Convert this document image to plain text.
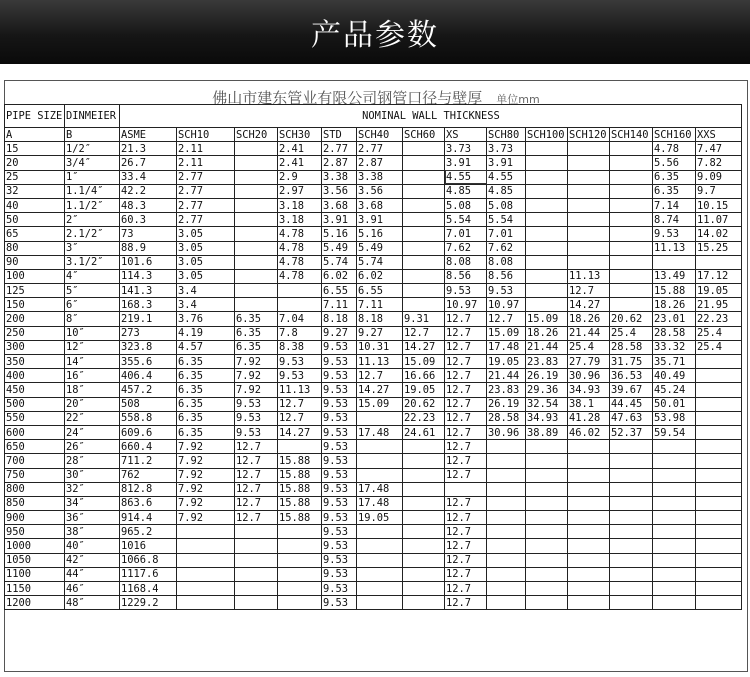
产品参数
佛山市建东管业有限公司钢管口径与壁厚 单位mm
PIPE SIZE	DINMEIER	NOMINAL WALL THICKNESS													
A	B	ASME	SCH10	SCH20	SCH30	STD	SCH40	SCH60	XS	SCH80	SCH100	SCH120	SCH140	SCH160	XXS
15	1/2″	21.3	2.11		2.41	2.77	2.77		3.73	3.73				4.78	7.47
20	3/4″	26.7	2.11		2.41	2.87	2.87		3.91	3.91				5.56	7.82
25	1″	33.4	2.77		2.9	3.38	3.38		4.55	4.55				6.35	9.09
32	1.1/4″	42.2	2.77		2.97	3.56	3.56		4.85	4.85				6.35	9.7
40	1.1/2″	48.3	2.77		3.18	3.68	3.68		5.08	5.08				7.14	10.15
50	2″	60.3	2.77		3.18	3.91	3.91		5.54	5.54				8.74	11.07
65	2.1/2″	73	3.05		4.78	5.16	5.16		7.01	7.01				9.53	14.02
80	3″	88.9	3.05		4.78	5.49	5.49		7.62	7.62				11.13	15.25
90	3.1/2″	101.6	3.05		4.78	5.74	5.74		8.08	8.08					
100	4″	114.3	3.05		4.78	6.02	6.02		8.56	8.56		11.13		13.49	17.12
125	5″	141.3	3.4			6.55	6.55		9.53	9.53		12.7		15.88	19.05
150	6″	168.3	3.4			7.11	7.11		10.97	10.97		14.27		18.26	21.95
200	8″	219.1	3.76	6.35	7.04	8.18	8.18	9.31	12.7	12.7	15.09	18.26	20.62	23.01	22.23
250	10″	273	4.19	6.35	7.8	9.27	9.27	12.7	12.7	15.09	18.26	21.44	25.4	28.58	25.4
300	12″	323.8	4.57	6.35	8.38	9.53	10.31	14.27	12.7	17.48	21.44	25.4	28.58	33.32	25.4
350	14″	355.6	6.35	7.92	9.53	9.53	11.13	15.09	12.7	19.05	23.83	27.79	31.75	35.71	
400	16″	406.4	6.35	7.92	9.53	9.53	12.7	16.66	12.7	21.44	26.19	30.96	36.53	40.49	
450	18″	457.2	6.35	7.92	11.13	9.53	14.27	19.05	12.7	23.83	29.36	34.93	39.67	45.24	
500	20″	508	6.35	9.53	12.7	9.53	15.09	20.62	12.7	26.19	32.54	38.1	44.45	50.01	
550	22″	558.8	6.35	9.53	12.7	9.53		22.23	12.7	28.58	34.93	41.28	47.63	53.98	
600	24″	609.6	6.35	9.53	14.27	9.53	17.48	24.61	12.7	30.96	38.89	46.02	52.37	59.54	
650	26″	660.4	7.92	12.7		9.53			12.7						
700	28″	711.2	7.92	12.7	15.88	9.53			12.7						
750	30″	762	7.92	12.7	15.88	9.53			12.7						
800	32″	812.8	7.92	12.7	15.88	9.53	17.48								
850	34″	863.6	7.92	12.7	15.88	9.53	17.48		12.7						
900	36″	914.4	7.92	12.7	15.88	9.53	19.05		12.7						
950	38″	965.2				9.53			12.7						
1000	40″	1016				9.53			12.7						
1050	42″	1066.8				9.53			12.7						
1100	44″	1117.6				9.53			12.7						
1150	46″	1168.4				9.53			12.7						
1200	48″	1229.2				9.53			12.7						
